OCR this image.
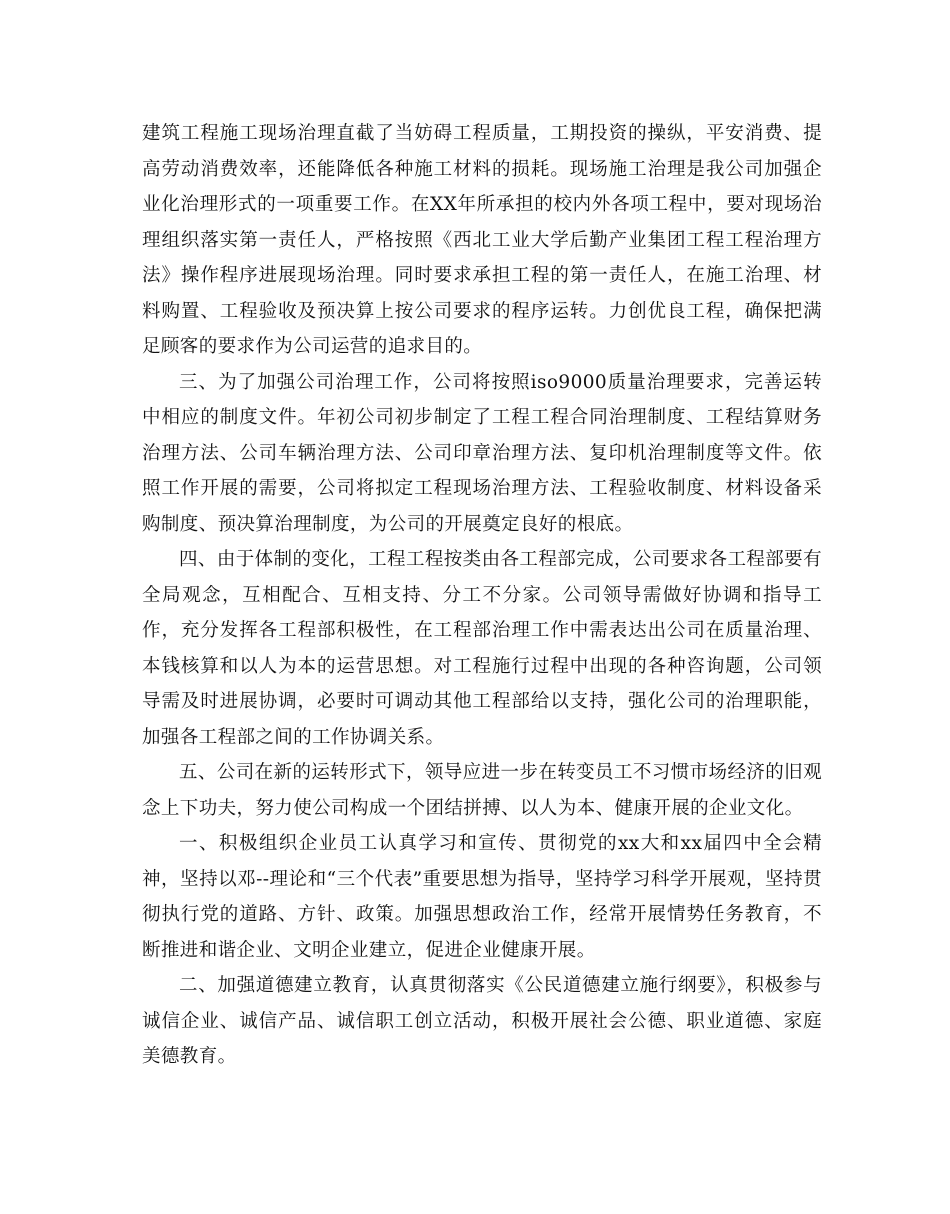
建筑工程施工现场治理直截了当妨碍工程质量，工期投资的操纵，平安消费、提高劳动消费效率，还能降低各种施工材料的损耗。现场施工治理是我公司加强企业化治理形式的一项重要工作。在XX年所承担的校内外各项工程中，要对现场治理组织落实第一责任人，严格按照《西北工业大学后勤产业集团工程工程治理方法》操作程序进展现场治理。同时要求承担工程的第一责任人，在施工治理、材料购置、工程验收及预决算上按公司要求的程序运转。力创优良工程，确保把满足顾客的要求作为公司运营的追求目的。

三、为了加强公司治理工作，公司将按照iso9000质量治理要求，完善运转中相应的制度文件。年初公司初步制定了工程工程合同治理制度、工程结算财务治理方法、公司车辆治理方法、公司印章治理方法、复印机治理制度等文件。依照工作开展的需要，公司将拟定工程现场治理方法、工程验收制度、材料设备采购制度、预决算治理制度，为公司的开展奠定良好的根底。

四、由于体制的变化，工程工程按类由各工程部完成，公司要求各工程部要有全局观念，互相配合、互相支持、分工不分家。公司领导需做好协调和指导工作，充分发挥各工程部积极性，在工程部治理工作中需表达出公司在质量治理、本钱核算和以人为本的运营思想。对工程施行过程中出现的各种咨询题，公司领导需及时进展协调，必要时可调动其他工程部给以支持，强化公司的治理职能，加强各工程部之间的工作协调关系。

五、公司在新的运转形式下，领导应进一步在转变员工不习惯市场经济的旧观念上下功夫，努力使公司构成一个团结拼搏、以人为本、健康开展的企业文化。

一、积极组织企业员工认真学习和宣传、贯彻党的xx大和xx届四中全会精神，坚持以邓--理论和“三个代表”重要思想为指导，坚持学习科学开展观，坚持贯彻执行党的道路、方针、政策。加强思想政治工作，经常开展情势任务教育，不断推进和谐企业、文明企业建立，促进企业健康开展。

二、加强道德建立教育，认真贯彻落实《公民道德建立施行纲要》，积极参与诚信企业、诚信产品、诚信职工创立活动，积极开展社会公德、职业道德、家庭美德教育。
